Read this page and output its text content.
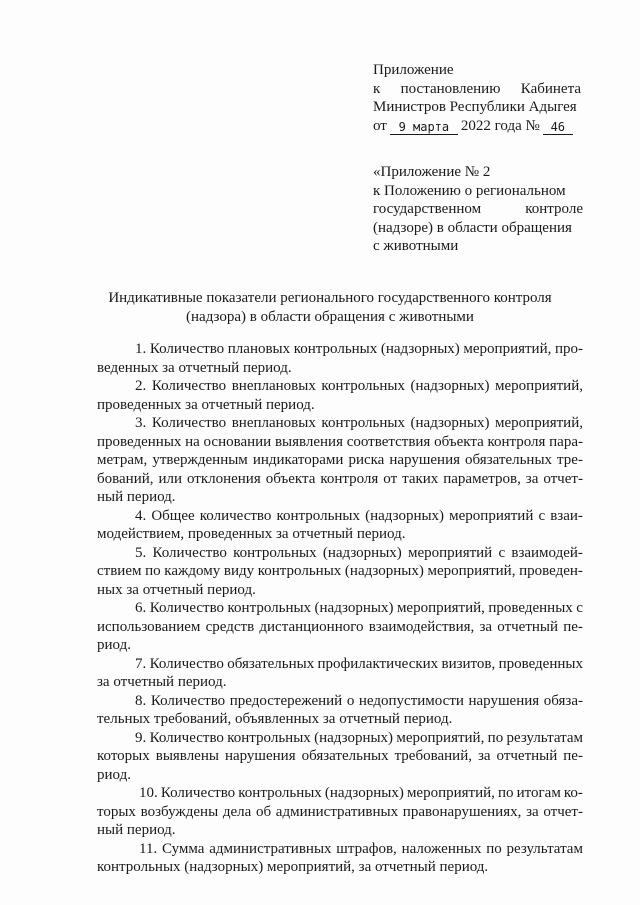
Приложение
к постановлению Кабинета
Министров Республики Адыгея
от 9 марта 2022 года № 46
«Приложение № 2
к Положению о региональном
государственном	контроле
(надзоре) в области обращения
с животными
Индикативные показатели регионального государственного контроля
(надзора) в области обращения с животными
1. Количество плановых контрольных (надзорных) мероприятий, про-
веденных за отчетный период.
2. Количество внеплановых контрольных (надзорных) мероприятий,
проведенных за отчетный период.
3. Количество внеплановых контрольных (надзорных) мероприятий,
проведенных на основании выявления соответствия объекта контроля пара-
метрам, утвержденным индикаторами риска нарушения обязательных тре-
бований, или отклонения объекта контроля от таких параметров, за отчет-
ный период.
4. Общее количество контрольных (надзорных) мероприятий с взаи-
модействием, проведенных за отчетный период.
5. Количество контрольных (надзорных) мероприятий с взаимодей-
ствием по каждому виду контрольных (надзорных) мероприятий, проведен-
ных за отчетный период.
6. Количество контрольных (надзорных) мероприятий, проведенных с
использованием средств дистанционного взаимодействия, за отчетный пе-
риод.
7. Количество обязательных профилактических визитов, проведенных
за отчетный период.
8. Количество предостережений о недопустимости нарушения обяза-
тельных требований, объявленных за отчетный период.
9. Количество контрольных (надзорных) мероприятий, по результатам
которых выявлены нарушения обязательных требований, за отчетный пе-
риод.
10. Количество контрольных (надзорных) мероприятий, по итогам ко-
торых возбуждены дела об административных правонарушениях, за отчет-
ный период.
11. Сумма административных штрафов, наложенных по результатам
контрольных (надзорных) мероприятий, за отчетный период.
